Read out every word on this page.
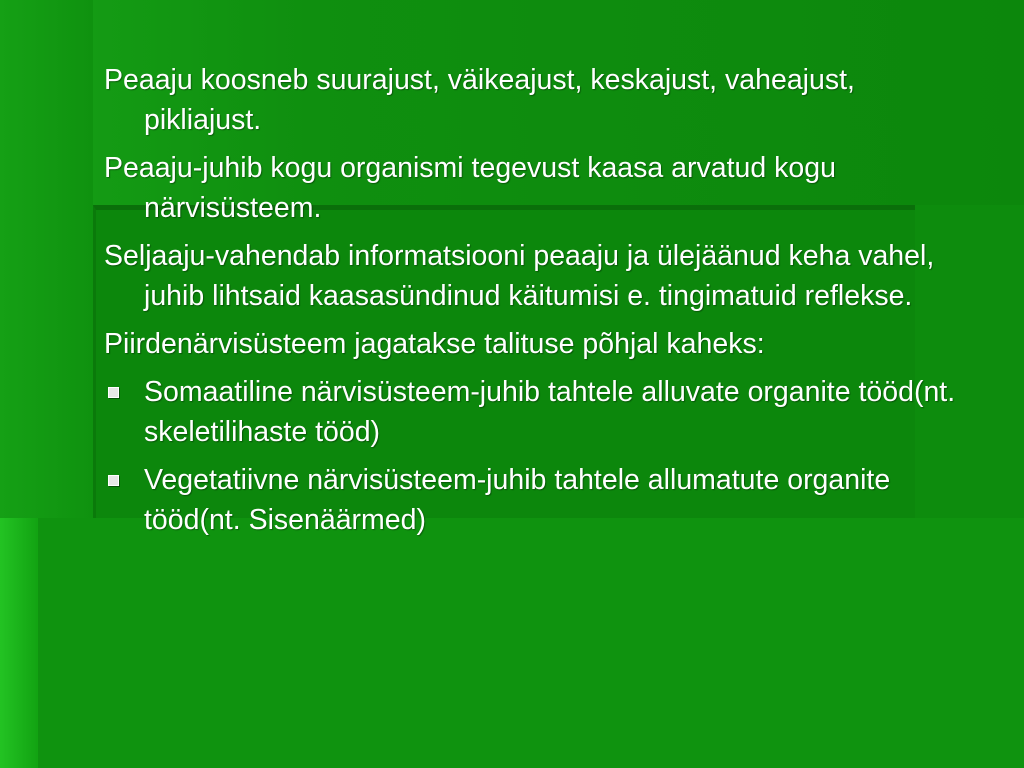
Peaaju koosneb suurajust, väikeajust, keskajust, vaheajust, pikliajust.

Peaaju-juhib kogu organismi tegevust kaasa arvatud kogu närvisüsteem.

Seljaaju-vahendab informatsiooni peaaju ja ülejäänud keha vahel, juhib lihtsaid kaasasündinud käitumisi e. tingimatuid reflekse.

Piirdenärvisüsteem jagatakse talituse põhjal kaheks:

Somaatiline närvisüsteem-juhib tahtele alluvate organite tööd(nt. skeletilihaste tööd)
Vegetatiivne närvisüsteem-juhib tahtele allumatute organite tööd(nt. Sisenäärmed)
